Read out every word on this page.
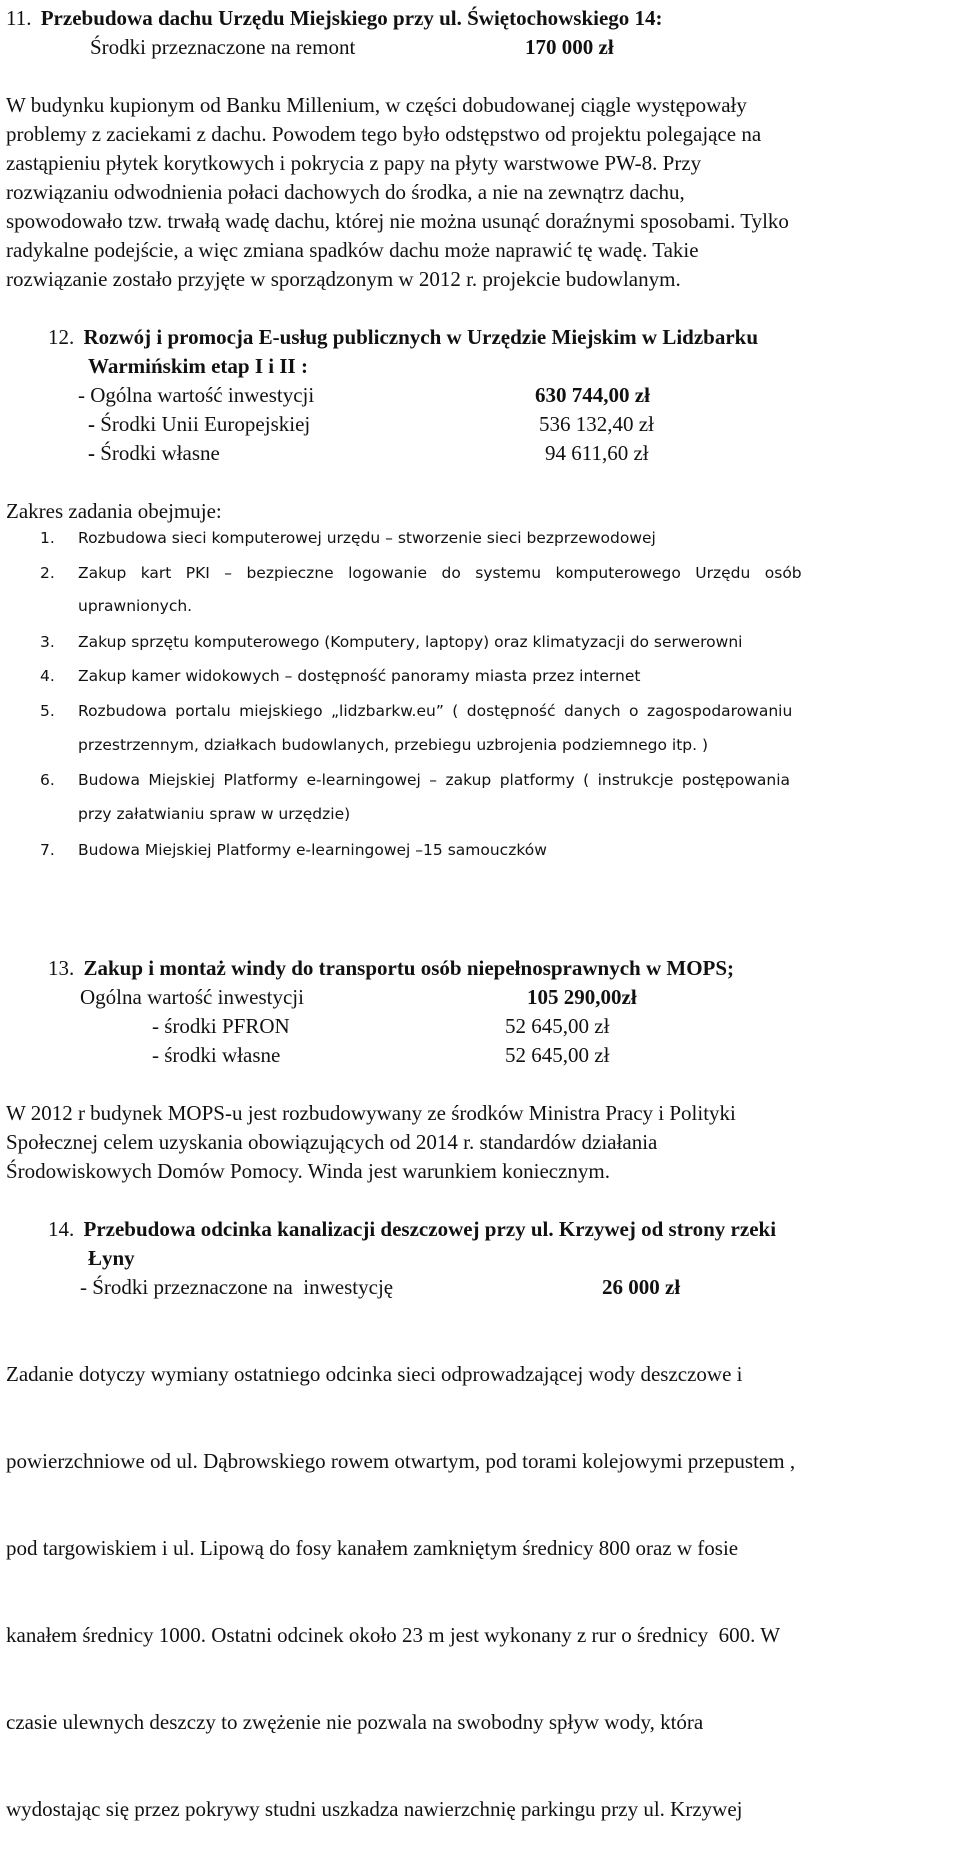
11. Przebudowa dachu Urzędu Miejskiego przy ul. Świętochowskiego 14:
Środki przeznaczone na remont	170 000 zł
W budynku kupionym od Banku Millenium, w części dobudowanej ciągle występowały
problemy z zaciekami z dachu. Powodem tego było odstępstwo od projektu polegające na
zastąpieniu płytek korytkowych i pokrycia z papy na płyty warstwowe PW-8. Przy
rozwiązaniu odwodnienia połaci dachowych do środka, a nie na zewnątrz dachu,
spowodowało tzw. trwałą wadę dachu, której nie można usunąć doraźnymi sposobami. Tylko
radykalne podejście, a więc zmiana spadków dachu może naprawić tę wadę. Takie
rozwiązanie zostało przyjęte w sporządzonym w 2012 r. projekcie budowlanym.
12. Rozwój i promocja E-usług publicznych w Urzędzie Miejskim w Lidzbarku
Warmińskim etap I i II :
- Ogólna wartość inwestycji	630 744,00 zł
- Środki Unii Europejskiej	536 132,40 zł
- Środki własne	94 611,60 zł
Zakres zadania obejmuje:
1. Rozbudowa sieci komputerowej urzędu – stworzenie sieci bezprzewodowej
2. Zakup kart PKI – bezpieczne logowanie do systemu komputerowego Urzędu osób
uprawnionych.
3. Zakup sprzętu komputerowego (Komputery, laptopy) oraz klimatyzacji do serwerowni
4. Zakup kamer widokowych – dostępność panoramy miasta przez internet
5. Rozbudowa portalu miejskiego „lidzbarkw.eu” ( dostępność danych o zagospodarowaniu
przestrzennym, działkach budowlanych, przebiegu uzbrojenia podziemnego itp. )
6. Budowa Miejskiej Platformy e-learningowej – zakup platformy ( instrukcje postępowania
przy załatwianiu spraw w urzędzie)
7. Budowa Miejskiej Platformy e-learningowej –15 samouczków
13. Zakup i montaż windy do transportu osób niepełnosprawnych w MOPS;
Ogólna wartość inwestycji	105 290,00zł
- środki PFRON	52 645,00 zł
- środki własne	52 645,00 zł
W 2012 r budynek MOPS-u jest rozbudowywany ze środków Ministra Pracy i Polityki
Społecznej celem uzyskania obowiązujących od 2014 r. standardów działania
Środowiskowych Domów Pomocy. Winda jest warunkiem koniecznym.
14. Przebudowa odcinka kanalizacji deszczowej przy ul. Krzywej od strony rzeki
Łyny
- Środki przeznaczone na  inwestycję	26 000 zł

Zadanie dotyczy wymiany ostatniego odcinka sieci odprowadzającej wody deszczowe i

powierzchniowe od ul. Dąbrowskiego rowem otwartym, pod torami kolejowymi przepustem ,

pod targowiskiem i ul. Lipową do fosy kanałem zamkniętym średnicy 800 oraz w fosie

kanałem średnicy 1000. Ostatni odcinek około 23 m jest wykonany z rur o średnicy  600. W

czasie ulewnych deszczy to zwężenie nie pozwala na swobodny spływ wody, która

wydostając się przez pokrywy studni uszkadza nawierzchnię parkingu przy ul. Krzywej
